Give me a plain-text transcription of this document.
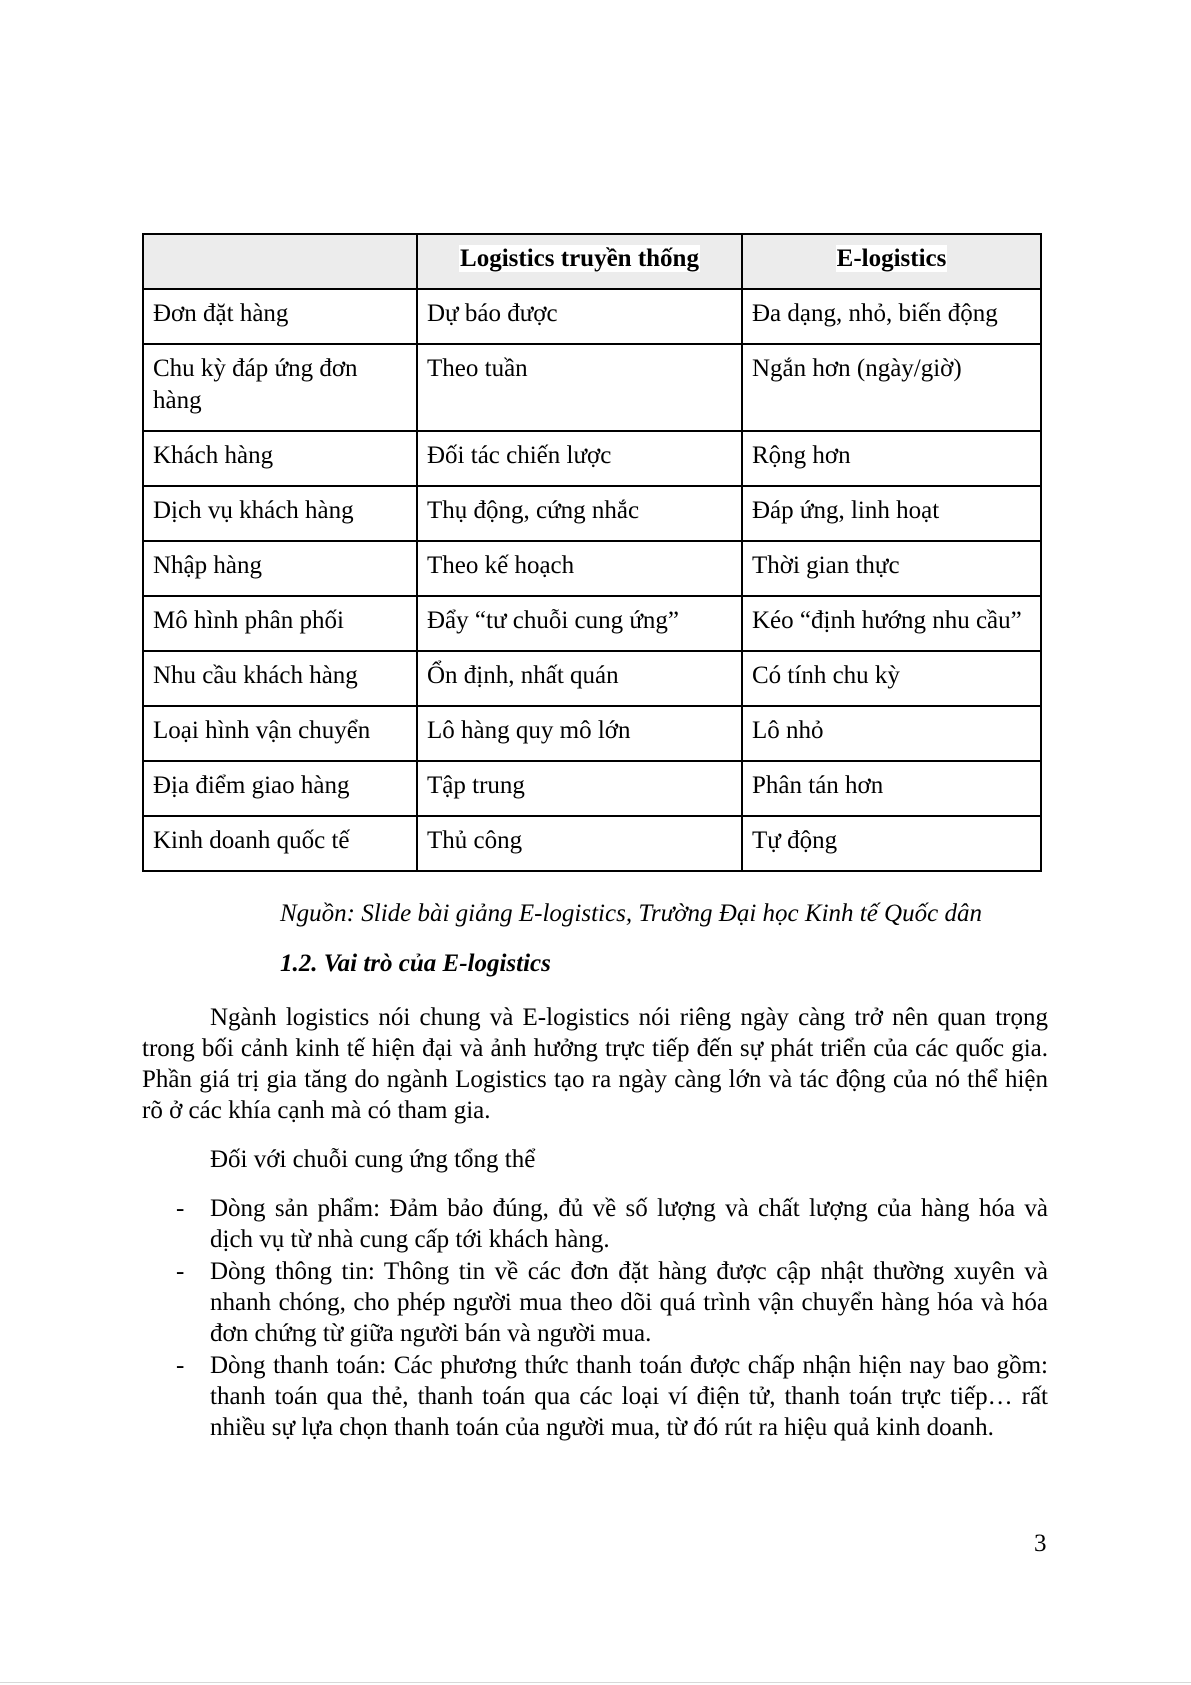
	Logistics truyền thống	E-logistics
Đơn đặt hàng	Dự báo được	Đa dạng, nhỏ, biến động
Chu kỳ đáp ứng đơn hàng	Theo tuần	Ngắn hơn (ngày/giờ)
Khách hàng	Đối tác chiến lược	Rộng hơn
Dịch vụ khách hàng	Thụ động, cứng nhắc	Đáp ứng, linh hoạt
Nhập hàng	Theo kế hoạch	Thời gian thực
Mô hình phân phối	Đẩy “tư chuỗi cung ứng”	Kéo “định hướng nhu cầu”
Nhu cầu khách hàng	Ổn định, nhất quán	Có tính chu kỳ
Loại hình vận chuyển	Lô hàng quy mô lớn	Lô nhỏ
Địa điểm giao hàng	Tập trung	Phân tán hơn
Kinh doanh quốc tế	Thủ công	Tự động
Nguồn: Slide bài giảng E-logistics, Trường Đại học Kinh tế Quốc dân
1.2. Vai trò của E-logistics

Ngành logistics nói chung và E-logistics nói riêng ngày càng trở nên quan trọng trong bối cảnh kinh tế hiện đại và ảnh hưởng trực tiếp đến sự phát triển của các quốc gia. Phần giá trị gia tăng do ngành Logistics tạo ra ngày càng lớn và tác động của nó thể hiện rõ ở các khía cạnh mà có tham gia.

Đối với chuỗi cung ứng tổng thể

- Dòng sản phẩm: Đảm bảo đúng, đủ về số lượng và chất lượng của hàng hóa và dịch vụ từ nhà cung cấp tới khách hàng.
- Dòng thông tin: Thông tin về các đơn đặt hàng được cập nhật thường xuyên và nhanh chóng, cho phép người mua theo dõi quá trình vận chuyển hàng hóa và hóa đơn chứng từ giữa người bán và người mua.
- Dòng thanh toán: Các phương thức thanh toán được chấp nhận hiện nay bao gồm: thanh toán qua thẻ, thanh toán qua các loại ví điện tử, thanh toán trực tiếp… rất nhiều sự lựa chọn thanh toán của người mua, từ đó rút ra hiệu quả kinh doanh.
3
